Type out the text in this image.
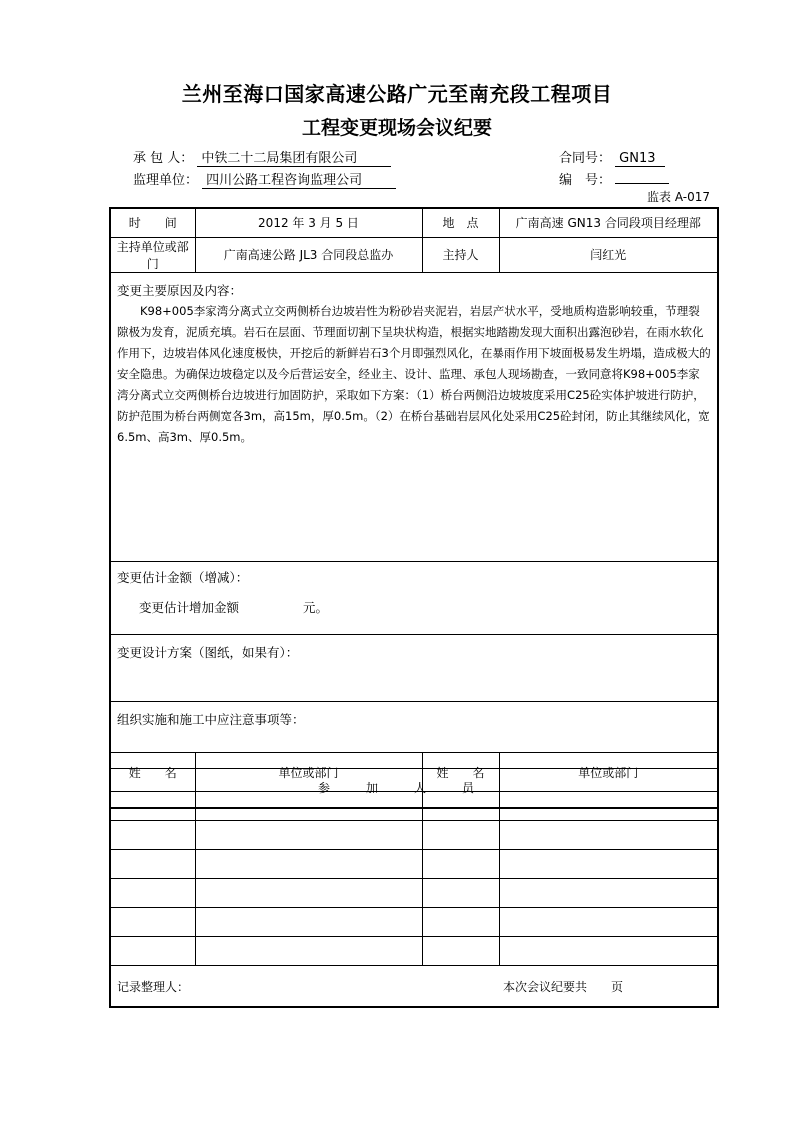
兰州至海口国家高速公路广元至南充段工程项目
工程变更现场会议纪要
承 包 人： 中铁二十二局集团有限公司
监理单位： 四川公路工程咨询监理公司
合同号： GN13
编　号：
监表 A-017
时　　间	2012 年 3 月 5 日	地　点	广南高速 GN13 合同段项目经理部
主持单位或部门	广南高速公路 JL3 合同段总监办	主持人	闫红光

变更主要原因及内容：
K98+005李家湾分离式立交两侧桥台边坡岩性为粉砂岩夹泥岩，岩层产状水平，受地质构造影响较重，节理裂隙极为发育，泥质充填。岩石在层面、节理面切割下呈块状构造，根据实地踏勘发现大面积出露泡砂岩，在雨水软化作用下，边坡岩体风化速度极快，开挖后的新鲜岩石3个月即强烈风化，在暴雨作用下坡面极易发生坍塌，造成极大的安全隐患。为确保边坡稳定以及今后营运安全，经业主、设计、监理、承包人现场勘查，一致同意将K98+005李家湾分离式立交两侧桥台边坡进行加固防护，采取如下方案：（1）桥台两侧沿边坡坡度采用C25砼实体护坡进行防护，防护范围为桥台两侧宽各3m，高15m，厚0.5m。（2）在桥台基础岩层风化处采用C25砼封闭，防止其继续风化，宽6.5m、高3m、厚0.5m。			

变更估计金额（增减）：
变更估计增加金额 元。			

变更设计方案（图纸，如果有）：			

组织实施和施工中应注意事项等：			

参加人员			
姓　　名	单位或部门	姓　　名	单位或部门

记录整理人： 本次会议纪要共　　页			
